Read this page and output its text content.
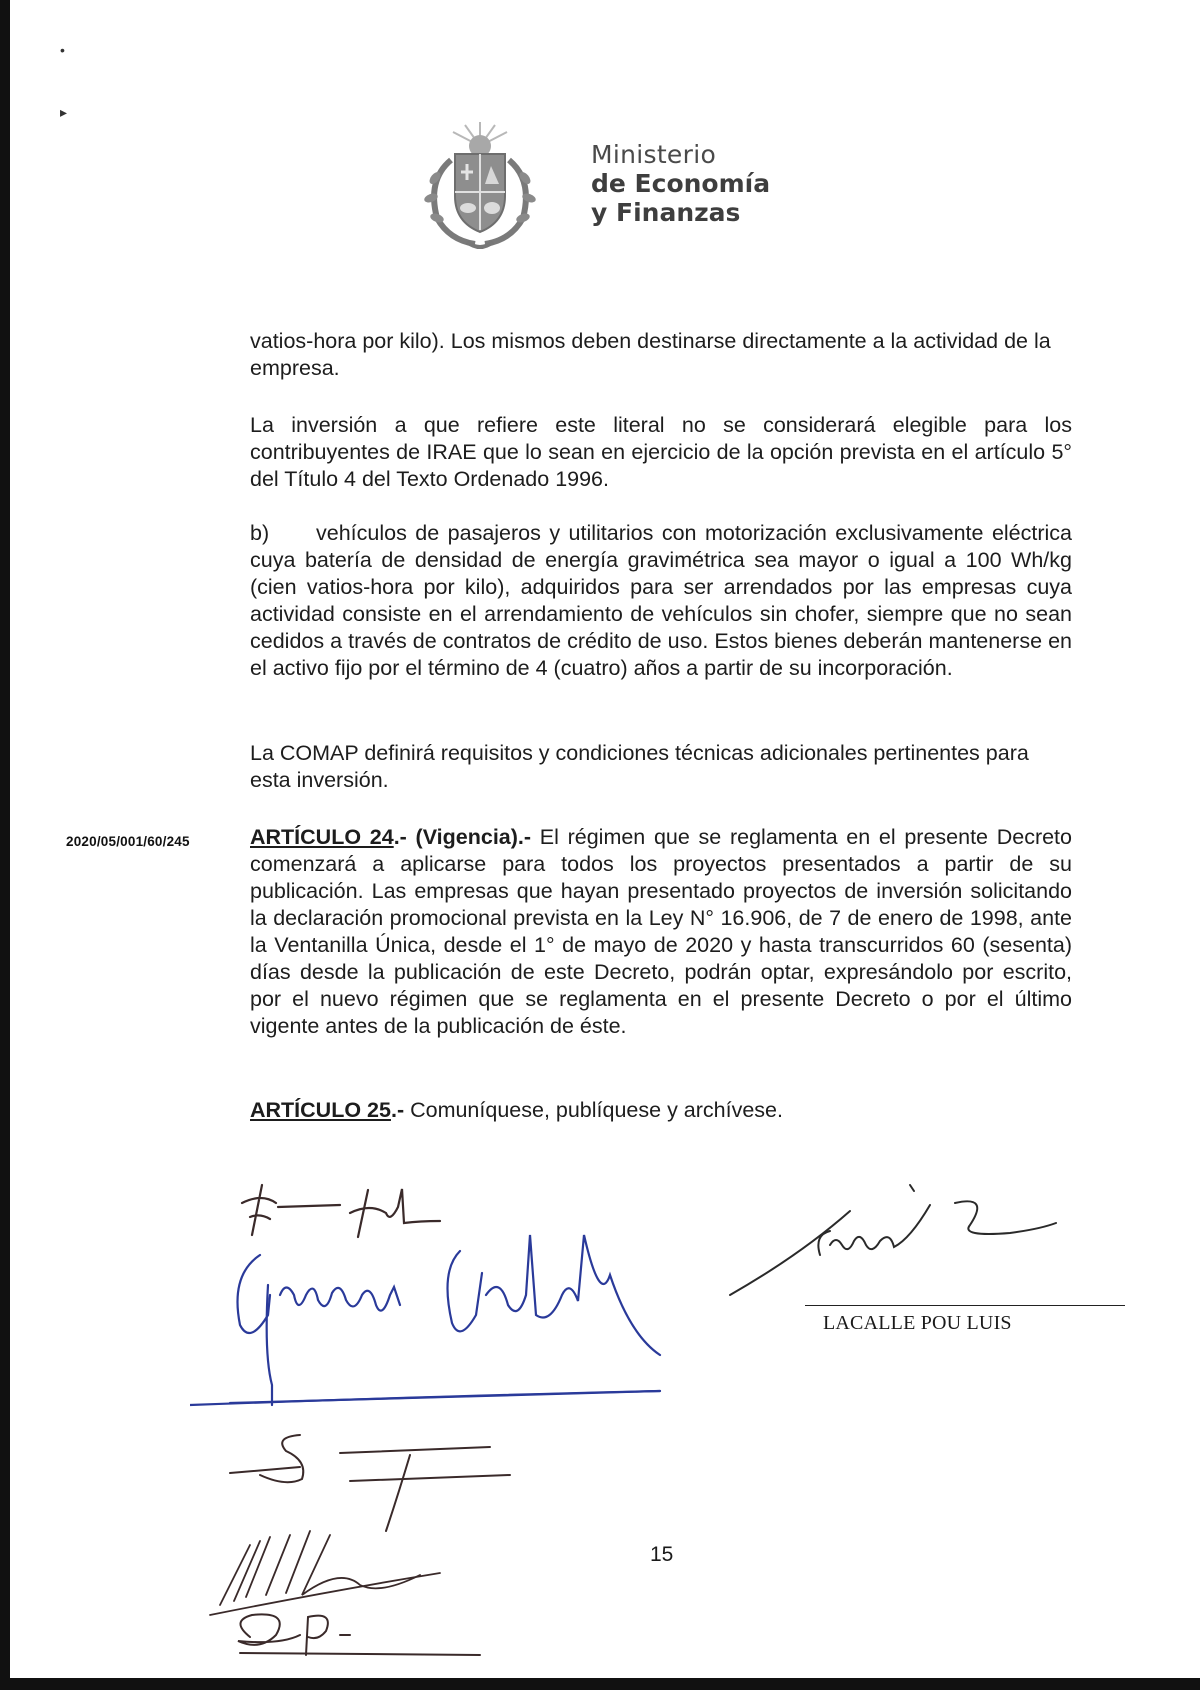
•
▸
Ministerio
de Economía
y Finanzas

vatios-hora por kilo). Los mismos deben destinarse directamente a la actividad de la empresa.

La inversión a que refiere este literal no se considerará elegible para los contribuyentes de IRAE que lo sean en ejercicio de la opción prevista en el artículo 5° del Título 4 del Texto Ordenado 1996.

b) vehículos de pasajeros y utilitarios con motorización exclusivamente eléctrica cuya batería de densidad de energía gravimétrica sea mayor o igual a 100 Wh/kg (cien vatios-hora por kilo), adquiridos para ser arrendados por las empresas cuya actividad consiste en el arrendamiento de vehículos sin chofer, siempre que no sean cedidos a través de contratos de crédito de uso. Estos bienes deberán mantenerse en el activo fijo por el término de 4 (cuatro) años a partir de su incorporación.

La COMAP definirá requisitos y condiciones técnicas adicionales pertinentes para esta inversión.

2020/05/001/60/245	ARTÍCULO 24.- (Vigencia).- El régimen que se reglamenta en el presente Decreto comenzará a aplicarse para todos los proyectos presentados a partir de su publicación. Las empresas que hayan presentado proyectos de inversión solicitando la declaración promocional prevista en la Ley N° 16.906, de 7 de enero de 1998, ante la Ventanilla Única, desde el 1° de mayo de 2020 y hasta transcurridos 60 (sesenta) días desde la publicación de este Decreto, podrán optar, expresándolo por escrito, por el nuevo régimen que se reglamenta en el presente Decreto o por el último vigente antes de la publicación de éste.

ARTÍCULO 25.- Comuníquese, publíquese y archívese.

LACALLE POU LUIS
15
